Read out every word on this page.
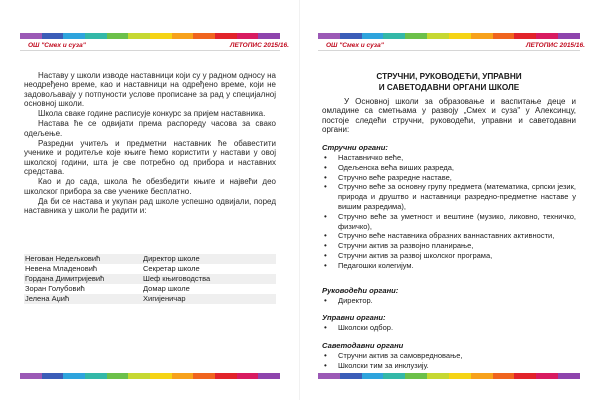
ОШ "Смех и суза"	ЛЕТОПИС 2015/16.

Наставу у школи изводе наставници који су у радном односу на неодређено време, као и наставници на одређено време, који не задовољавају у потпуности услове прописане за рад у специјалној основној школи.

Школа сваке године расписује конкурс за пријем наставника.

Настава ће се одвијати према распореду часова за свако одељење.

Разредни учитељ и предметни наставник ће обавестити ученике и родитеље које књиге ћемо користити у настави у овој школској години, шта је све потребно од прибора и наставних средстава.

Као и до сада, школа ће обезбедити књиге и највећи део школског прибора за све ученике бесплатно.

Да би се настава и укупан рад школе успешно одвијали, поред наставника у школи ће радити и:

Негован Недељковић	Директор школе
Невена Младеновић	Секретар школе
Гордана Димитријевић	Шеф књиговодства
Зоран Голубовић	Домар школе
Јелена Аџић	Хигијеничар
ОШ "Смех и суза"	ЛЕТОПИС 2015/16.
СТРУЧНИ, РУКОВОДЕЋИ, УПРАВНИ
И САВЕТОДАВНИ ОРГАНИ ШКОЛЕ
У Основној школи за образовање и васпитање деце и омладине са сметњама у развоју „Смех и суза" у Алексинцу, постоје следећи стручни, руководећи, управни и саветодавни органи:
Стручни органи:
• Наставничко веће,
• Одељенска већа виших разреда,
• Стручно веће разредне наставе,
• Стручно веће за основну групу предмета (математика, српски језик, природа и друштво и наставници разредно-предметне наставе у вишим разредима),
• Стручно веће за уметност и вештине (музико, ликовно, техничко, физичко),
• Стручно веће наставника образних ваннаставних активности,
• Стручни актив за развојно планирање,
• Стручни актив за развој школског програма,
• Педагошки колегијум.
Руководећи органи:
• Директор.
Управни органи:
• Школски одбор.
Саветодавни органи
• Стручни актив за самовредновање,
• Школски тим за инклузију.
